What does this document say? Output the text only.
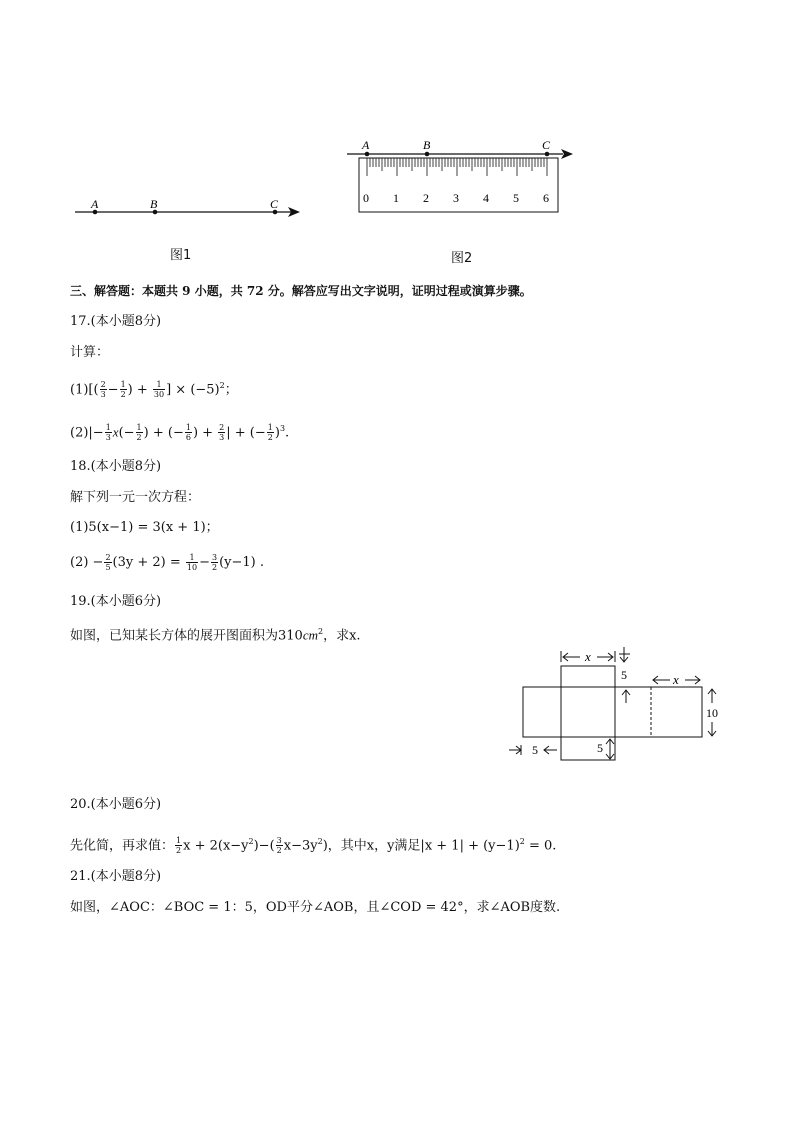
A	B	C
图1
A	B	C
0 1 2 3 4 5 6
图2
三、解答题：本题共 9 小题，共 72 分。解答应写出文字说明，证明过程或演算步骤。
17.(本小题8分)
计算：
$(1)[( \frac{2}{3} - \frac{1}{2}$ ) + $\frac{1}{30}$ ] × $(-5)^2$；
$(2)|- \frac{1}{3} x(- \frac{1}{2}$ ) + (− $\frac{1}{6}$ ) + $\frac{2}{3}$ | + (− $\frac{1}{2} )^3$.
18.(本小题8分)
解下列一元一次方程：
(1)5(x−1) = 3(x + 1)；
$(2) - \frac{2}{5} (3y + 2) = \frac{1}{10} - \frac{3}{2} (y-1)$ .
19.(本小题6分)
如图，已知某长方体的展开图面积为$310cm^2$，求x.
x
5	x
10
5	5
20.(本小题6分)
先化简，再求值： $\frac{1}{2}$ $x + 2(x-y^2)-( \frac{3}{2} x-3y^2)$，其中x，y满足$|x + 1| + (y-1)^2 = 0$.
21.(本小题8分)
如图，∠AOC：∠BOC = 1：5，OD平分∠AOB，且∠COD = 42°，求∠AOB度数.
